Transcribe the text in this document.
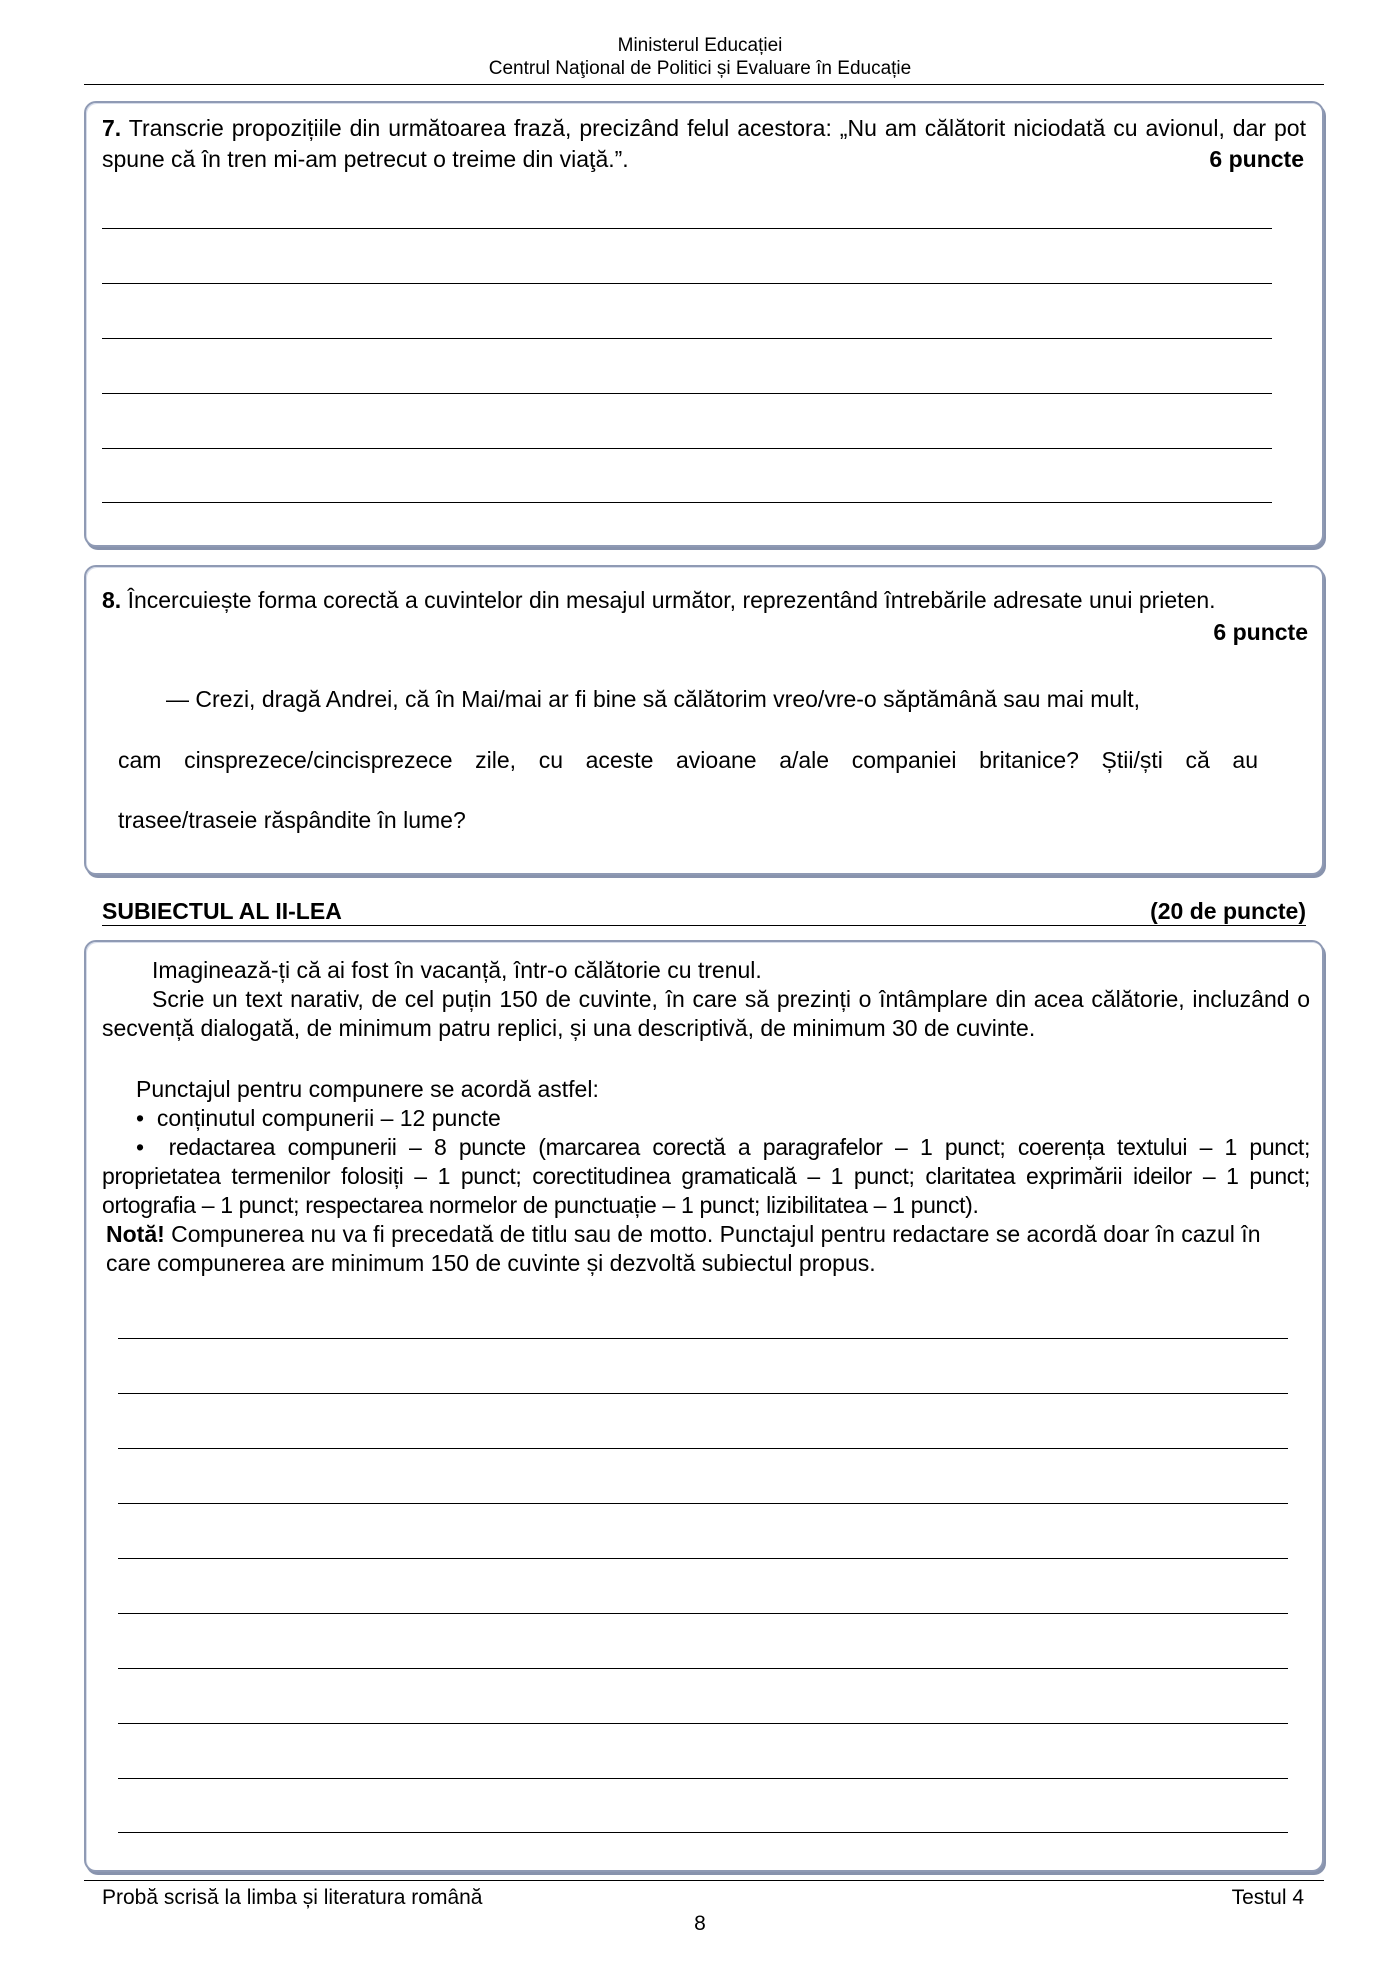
Ministerul Educației
Centrul Naţional de Politici și Evaluare în Educație
7. Transcrie propozițiile din următoarea frază, precizând felul acestora: „Nu am călătorit niciodată cu avionul, dar pot spune că în tren mi-am petrecut o treime din viaţă.”.	6 puncte
8. Încercuiește forma corectă a cuvintelor din mesajul următor, reprezentând întrebările adresate unui prieten.
6 puncte
— Crezi, dragă Andrei, că în Mai/mai ar fi bine să călătorim vreo/vre-o săptămână sau mai mult,
cam cinsprezece/cincisprezece zile, cu aceste avioane a/ale companiei britanice? Știi/ști că au
trasee/traseie răspândite în lume?
SUBIECTUL AL II-LEA	(20 de puncte)
Imaginează-ți că ai fost în vacanță, într-o călătorie cu trenul.
Scrie un text narativ, de cel puțin 150 de cuvinte, în care să prezinți o întâmplare din acea călătorie, incluzând o secvență dialogată, de minimum patru replici, și una descriptivă, de minimum 30 de cuvinte.
Punctajul pentru compunere se acordă astfel:
•  conținutul compunerii – 12 puncte
•  redactarea compunerii – 8 puncte (marcarea corectă a paragrafelor – 1 punct; coerența textului – 1 punct; proprietatea termenilor folosiți – 1 punct; corectitudinea gramaticală – 1 punct; claritatea exprimării ideilor – 1 punct; ortografia – 1 punct; respectarea normelor de punctuație – 1 punct; lizibilitatea – 1 punct).
Notă! Compunerea nu va fi precedată de titlu sau de motto. Punctajul pentru redactare se acordă doar în cazul în care compunerea are minimum 150 de cuvinte și dezvoltă subiectul propus.
Probă scrisă la limba și literatura română	Testul 4
8
